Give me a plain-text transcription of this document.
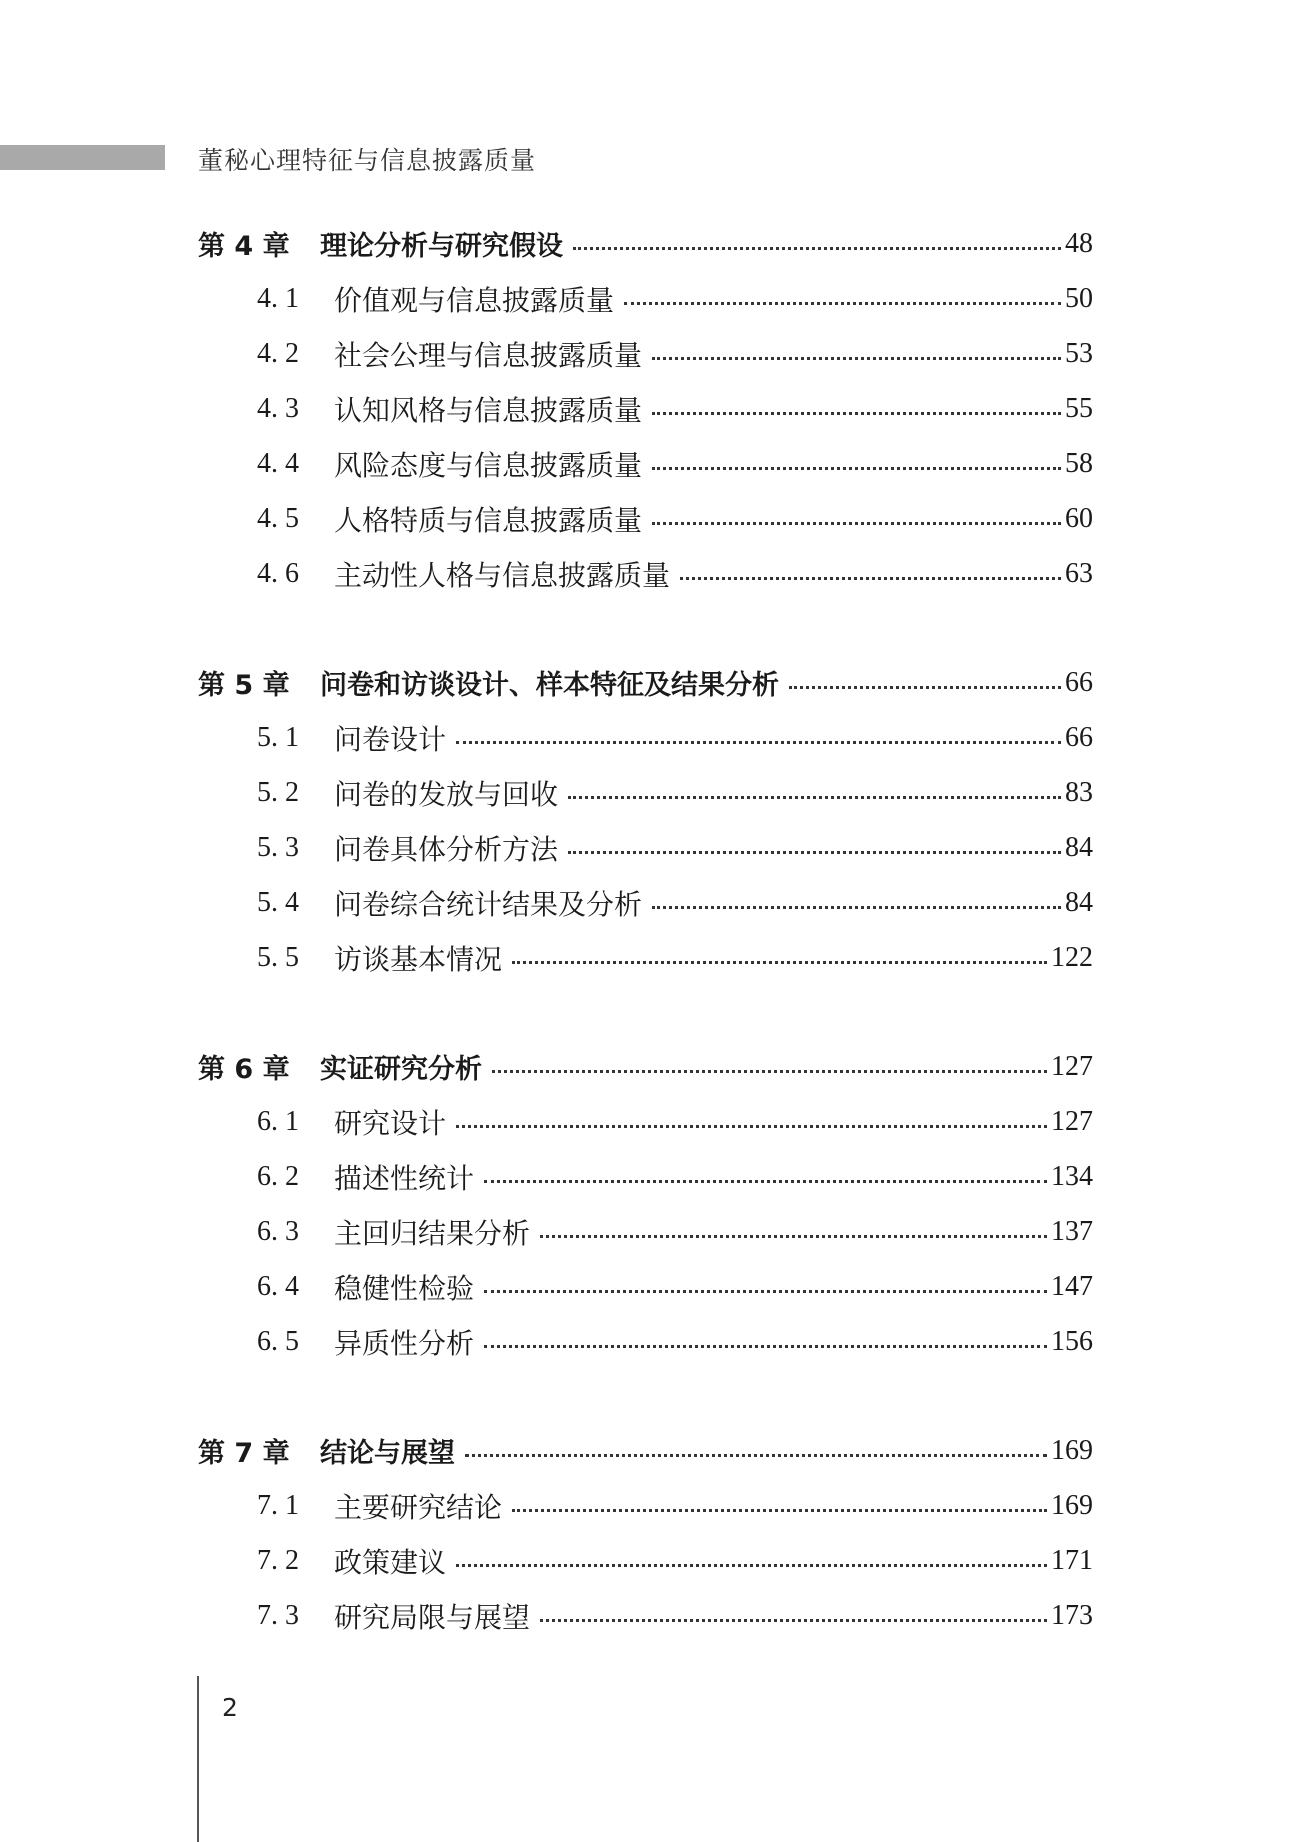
董秘心理特征与信息披露质量
第 4 章	理论分析与研究假设	48
4. 1	价值观与信息披露质量	50
4. 2	社会公理与信息披露质量	53
4. 3	认知风格与信息披露质量	55
4. 4	风险态度与信息披露质量	58
4. 5	人格特质与信息披露质量	60
4. 6	主动性人格与信息披露质量	63
第 5 章	问卷和访谈设计、样本特征及结果分析	66
5. 1	问卷设计	66
5. 2	问卷的发放与回收	83
5. 3	问卷具体分析方法	84
5. 4	问卷综合统计结果及分析	84
5. 5	访谈基本情况	122
第 6 章	实证研究分析	127
6. 1	研究设计	127
6. 2	描述性统计	134
6. 3	主回归结果分析	137
6. 4	稳健性检验	147
6. 5	异质性分析	156
第 7 章	结论与展望	169
7. 1	主要研究结论	169
7. 2	政策建议	171
7. 3	研究局限与展望	173
2
